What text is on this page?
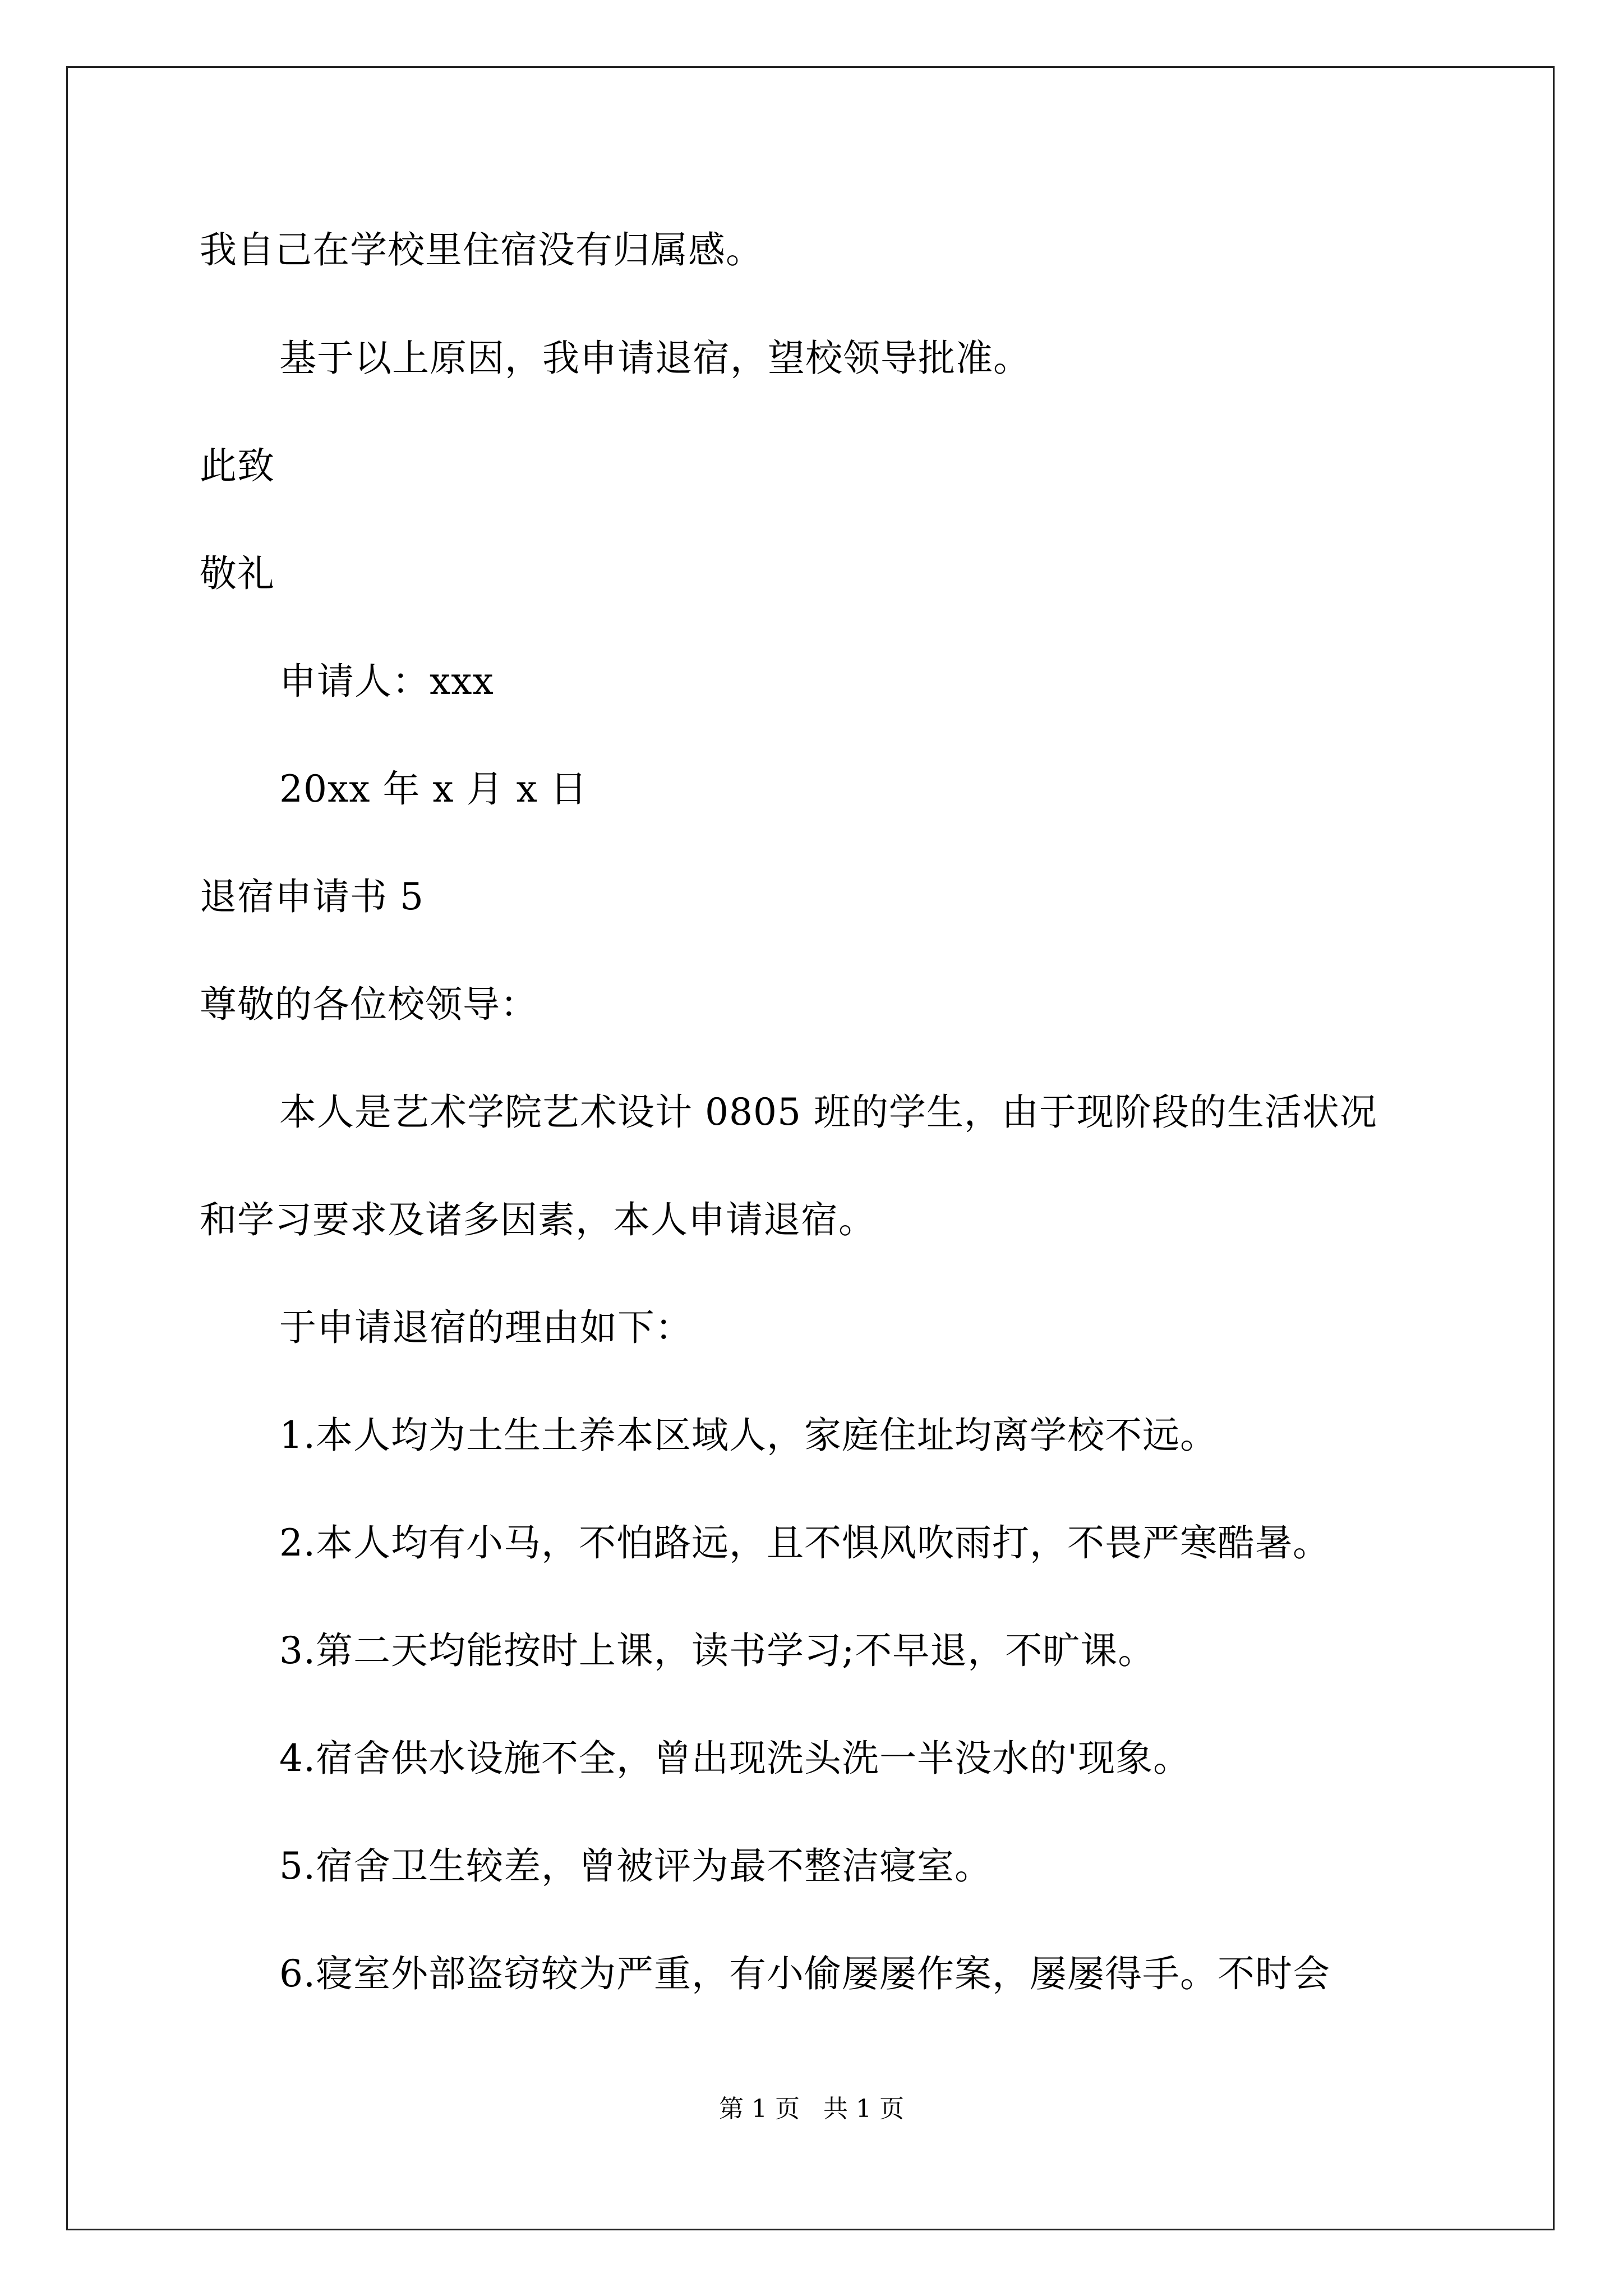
我自己在学校里住宿没有归属感。
基于以上原因，我申请退宿，望校领导批准。
此致
敬礼
申请人：xxx
20xx 年 x 月 x 日
退宿申请书 5
尊敬的各位校领导：
本人是艺术学院艺术设计 0805 班的学生，由于现阶段的生活状况
和学习要求及诸多因素，本人申请退宿。
于申请退宿的理由如下：
1.本人均为土生土养本区域人，家庭住址均离学校不远。
2.本人均有小马，不怕路远，且不惧风吹雨打，不畏严寒酷暑。
3.第二天均能按时上课，读书学习;不早退，不旷课。
4.宿舍供水设施不全，曾出现洗头洗一半没水的'现象。
5.宿舍卫生较差，曾被评为最不整洁寝室。
6.寝室外部盗窃较为严重，有小偷屡屡作案，屡屡得手。不时会
第 1 页   共 1 页
